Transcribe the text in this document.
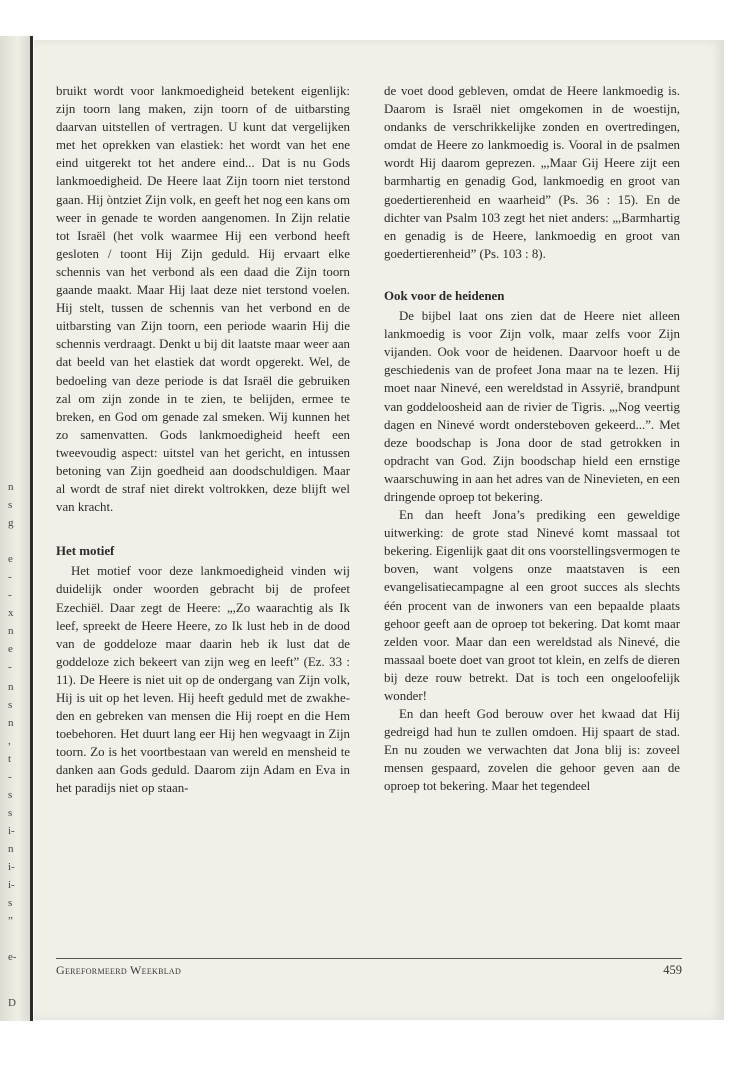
n
s
g
e
-
-
x
n
e
-
n
s
n
,
t
-
s
s
i-
n
i-
i-
s
”
e-
D

bruikt wordt voor lankmoedigheid betekent eigenlijk: zijn toorn lang maken, zijn toorn of de uitbarsting daarvan uitstellen of vertragen. U kunt dat vergelijken met het oprekken van elastiek: het wordt van het ene eind uitgerekt tot het andere eind... Dat is nu Gods lankmoedigheid. De Heere laat Zijn toorn niet terstond gaan. Hij òntziet Zijn volk, en geeft het nog een kans om weer in genade te worden aangenomen. In Zijn relatie tot Israël (het volk waarmee Hij een verbond heeft gesloten / toont Hij Zijn geduld. Hij ervaart elke schennis van het verbond als een daad die Zijn toorn gaande maakt. Maar Hij laat deze niet terstond voelen. Hij stelt, tussen de schennis van het verbond en de uitbarsting van Zijn toorn, een periode waarin Hij die schennis verdraagt. Denkt u bij dit laatste maar weer aan dat beeld van het elastiek dat wordt opgerekt. Wel, de bedoeling van deze periode is dat Israël die gebruiken zal om zijn zonde in te zien, te belijden, ermee te breken, en God om genade zal smeken. Wij kunnen het zo samenvatten. Gods lankmoedigheid heeft een tweevoudig aspect: uitstel van het gericht, en intussen betoning van Zijn goedheid aan doodschuldigen. Maar al wordt de straf niet direkt voltrokken, deze blijft wel van kracht.

Het motief

Het motief voor deze lankmoedigheid vinden wij duidelijk onder woorden gebracht bij de profeet Ezechiël. Daar zegt de Heere: „,Zo waarachtig als Ik leef, spreekt de Heere Heere, zo Ik lust heb in de dood van de goddeloze maar daarin heb ik lust dat de goddeloze zich bekeert van zijn weg en leeft” (Ez. 33 : 11). De Heere is niet uit op de ondergang van Zijn volk, Hij is uit op het leven. Hij heeft geduld met de zwakheden en gebreken van mensen die Hij roept en die Hem toebehoren. Het duurt lang eer Hij hen wegvaagt in Zijn toorn. Zo is het voortbestaan van wereld en mensheid te danken aan Gods geduld. Daarom zijn Adam en Eva in het paradijs niet op staan-

de voet dood gebleven, omdat de Heere lankmoedig is. Daarom is Israël niet omgekomen in de woestijn, ondanks de verschrikkelijke zonden en overtredingen, omdat de Heere zo lankmoedig is. Vooral in de psalmen wordt Hij daarom geprezen. „,Maar Gij Heere zijt een barmhartig en genadig God, lankmoedig en groot van goedertierenheid en waarheid” (Ps. 36 : 15). En de dichter van Psalm 103 zegt het niet anders: „,Barmhartig en genadig is de Heere, lankmoedig en groot van goedertierenheid” (Ps. 103 : 8).

Ook voor de heidenen

De bijbel laat ons zien dat de Heere niet alleen lankmoedig is voor Zijn volk, maar zelfs voor Zijn vijanden. Ook voor de heidenen. Daarvoor hoeft u de geschiedenis van de profeet Jona maar na te lezen. Hij moet naar Ninevé, een wereldstad in Assyrië, brandpunt van goddeloosheid aan de rivier de Tigris. „,Nog veertig dagen en Ninevé wordt ondersteboven gekeerd...”. Met deze boodschap is Jona door de stad getrokken in opdracht van God. Zijn boodschap hield een ernstige waarschuwing in aan het adres van de Ninevieten, en een dringende oproep tot bekering.

En dan heeft Jona’s prediking een geweldige uitwerking: de grote stad Ninevé komt massaal tot bekering. Eigenlijk gaat dit ons voorstellingsvermogen te boven, want volgens onze maatstaven is een evangelisatiecampagne al een groot succes als slechts één procent van de inwoners van een bepaalde plaats gehoor geeft aan de oproep tot bekering. Dat komt maar zelden voor. Maar dan een wereldstad als Ninevé, die massaal boete doet van groot tot klein, en zelfs de dieren bij deze rouw betrekt. Dat is toch een ongeloofelijk wonder!

En dan heeft God berouw over het kwaad dat Hij gedreigd had hun te zullen omdoen. Hij spaart de stad. En nu zouden we verwachten dat Jona blij is: zoveel mensen gespaard, zovelen die gehoor geven aan de oproep tot bekering. Maar het tegendeel

Gereformeerd Weekblad	459
